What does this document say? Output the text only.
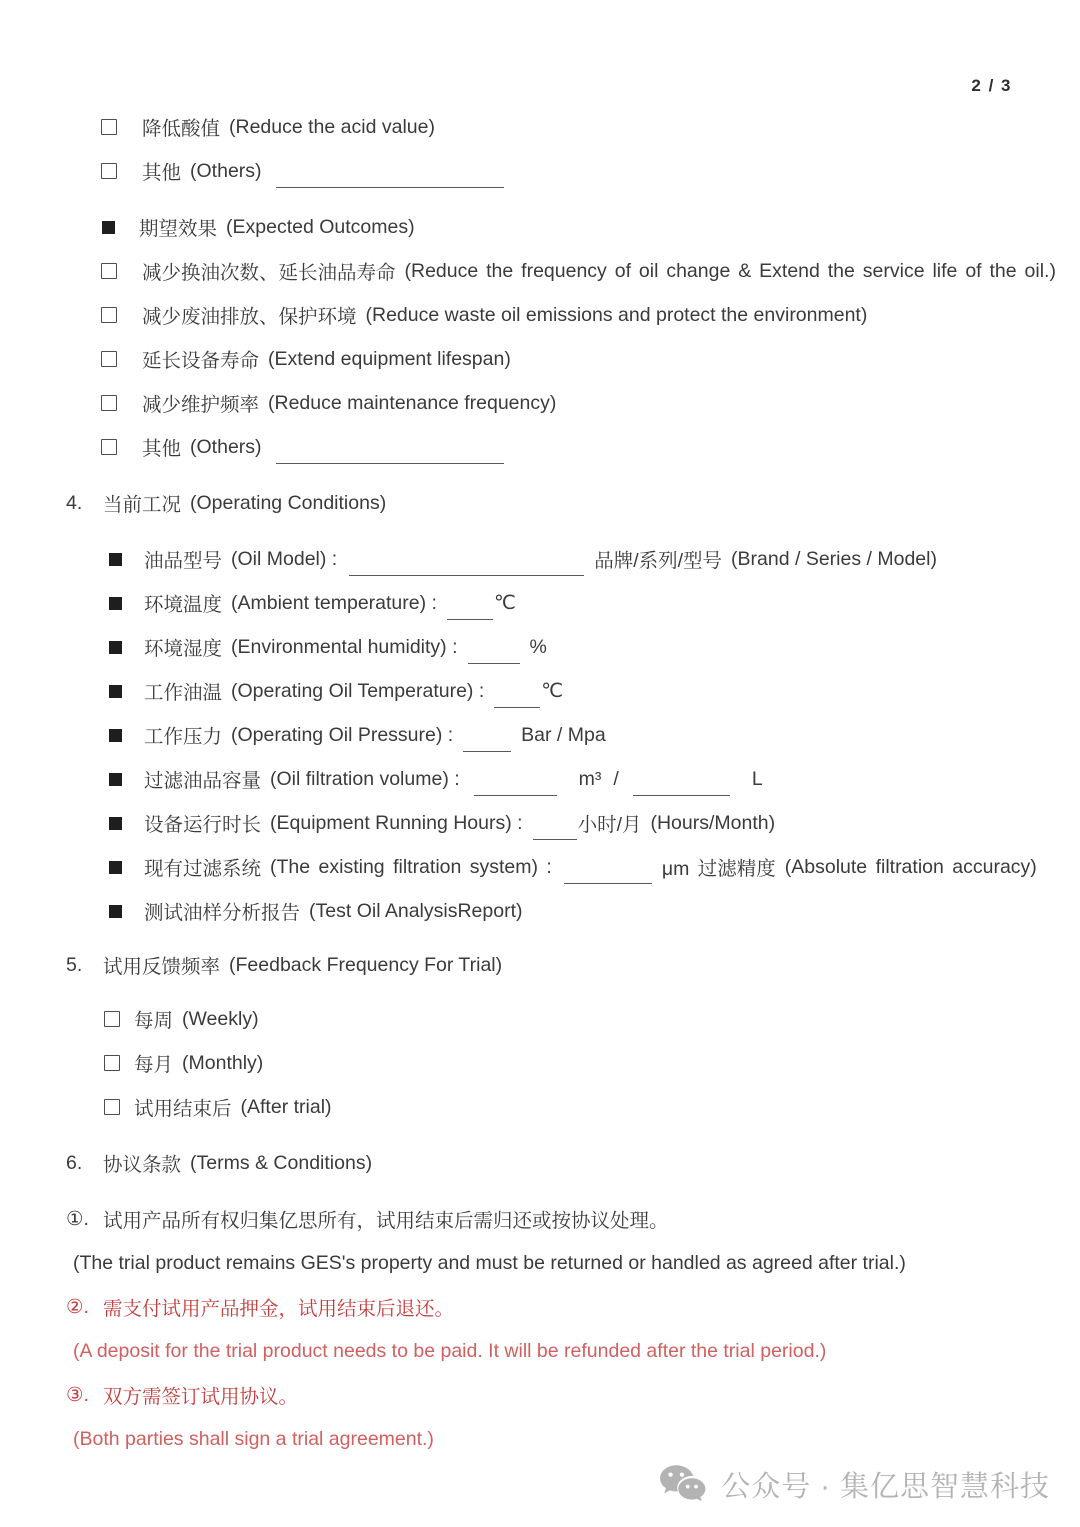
2 / 3
降低酸值 (Reduce the acid value)
其他 (Others)
期望效果 (Expected Outcomes)
减少换油次数、延长油品寿命 (Reduce the frequency of oil change & Extend the service life of the oil.)
减少废油排放、保护环境 (Reduce waste oil emissions and protect the environment)
延长设备寿命 (Extend equipment lifespan)
减少维护频率 (Reduce maintenance frequency)
其他 (Others)
4.	当前工况 (Operating Conditions)
油品型号 (Oil Model) :	品牌/系列/型号 (Brand / Series / Model)
环境温度 (Ambient temperature) :	℃
环境湿度 (Environmental humidity) :	%
工作油温 (Operating Oil Temperature) :	℃
工作压力 (Operating Oil Pressure) :	Bar / Mpa
过滤油品容量 (Oil filtration volume) :	m³ /	L
设备运行时长 (Equipment Running Hours) :	小时/月 (Hours/Month)
现有过滤系统 (The existing filtration system) :	μm 过滤精度 (Absolute filtration accuracy)
测试油样分析报告 (Test Oil AnalysisReport)
5.	试用反馈频率 (Feedback Frequency For Trial)
每周 (Weekly)
每月 (Monthly)
试用结束后 (After trial)
6.	协议条款 (Terms & Conditions)
①. 试用产品所有权归集亿思所有，试用结束后需归还或按协议处理。
(The trial product remains GES's property and must be returned or handled as agreed after trial.)
②. 需支付试用产品押金，试用结束后退还。
(A deposit for the trial product needs to be paid. It will be refunded after the trial period.)
③. 双方需签订试用协议。
(Both parties shall sign a trial agreement.)
公众号 · 集亿思智慧科技
